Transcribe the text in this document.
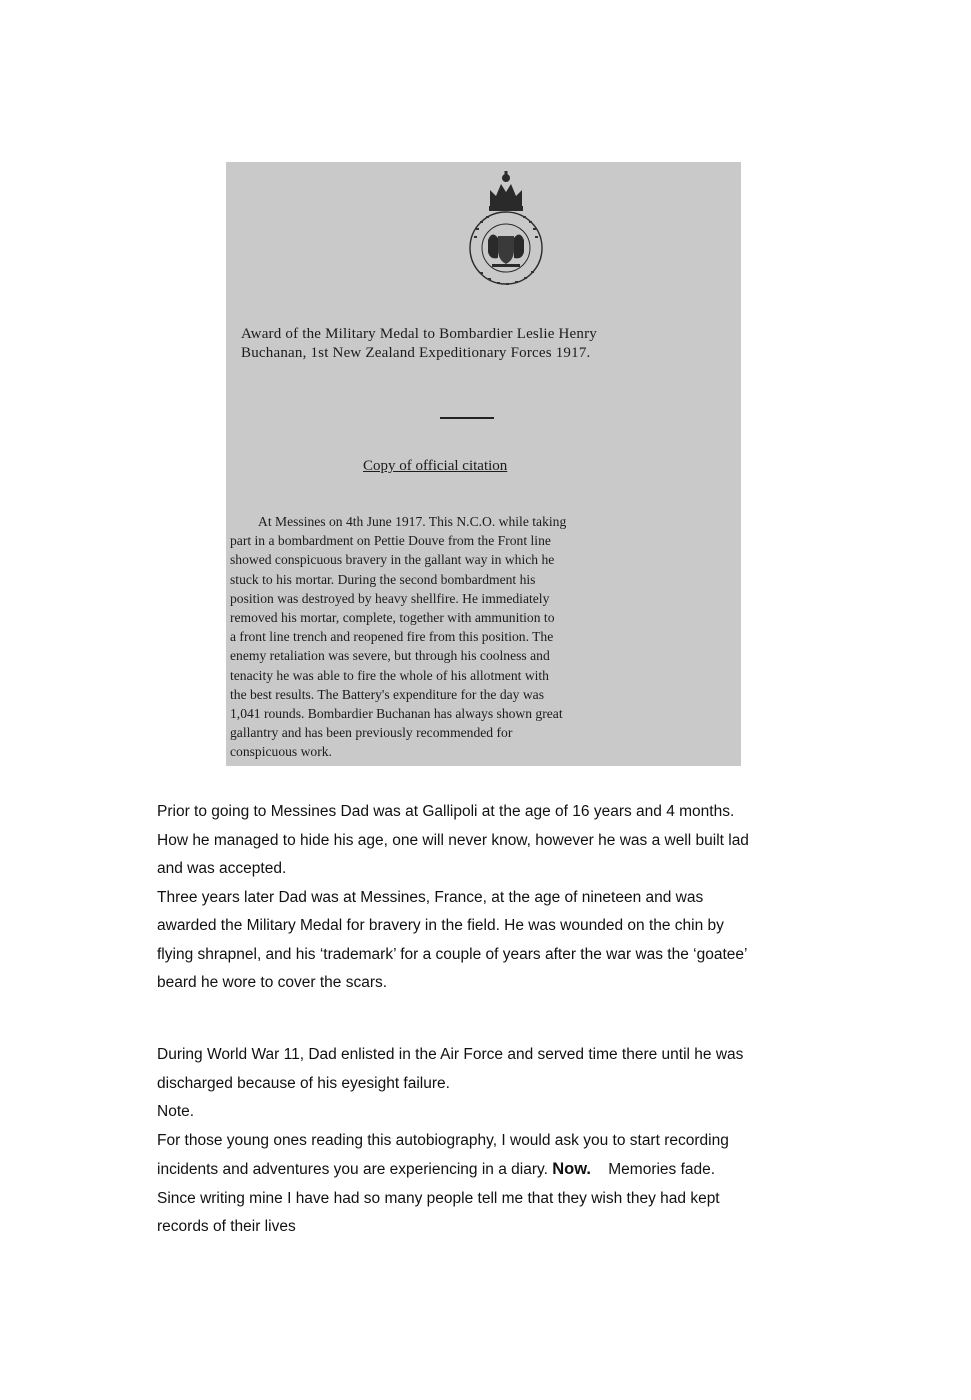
Award of the Military Medal to Bombardier Leslie Henry
Buchanan, 1st New Zealand Expeditionary Forces 1917.
Copy of official citation
At Messines on 4th June 1917. This N.C.O. while taking
part in a bombardment on Pettie Douve from the Front line
showed conspicuous bravery in the gallant way in which he
stuck to his mortar. During the second bombardment his
position was destroyed by heavy shellfire. He immediately
removed his mortar, complete, together with ammunition to
a front line trench and reopened fire from this position. The
enemy retaliation was severe, but through his coolness and
tenacity he was able to fire the whole of his allotment with
the best results. The Battery's expenditure for the day was
1,041 rounds. Bombardier Buchanan has always shown great
gallantry and has been previously recommended for
conspicuous work.
Prior to going to Messines Dad was at Gallipoli at the age of 16 years and 4 months.
How he managed to hide his age, one will never know, however he was a well built lad
and was accepted.
Three years later Dad was at Messines, France, at the age of nineteen and was
awarded the Military Medal for bravery in the field. He was wounded on the chin by
flying shrapnel, and his ‘trademark’ for a couple of years after the war was the ‘goatee’
beard he wore to cover the scars.
During World War 11, Dad enlisted in the Air Force and served time there until he was
discharged because of his eyesight failure.
Note.
For those young ones reading this autobiography, I would ask you to start recording
incidents and adventures you are experiencing in a diary. Now.    Memories fade.
Since writing mine I have had so many people tell me that they wish they had kept
records of their lives
